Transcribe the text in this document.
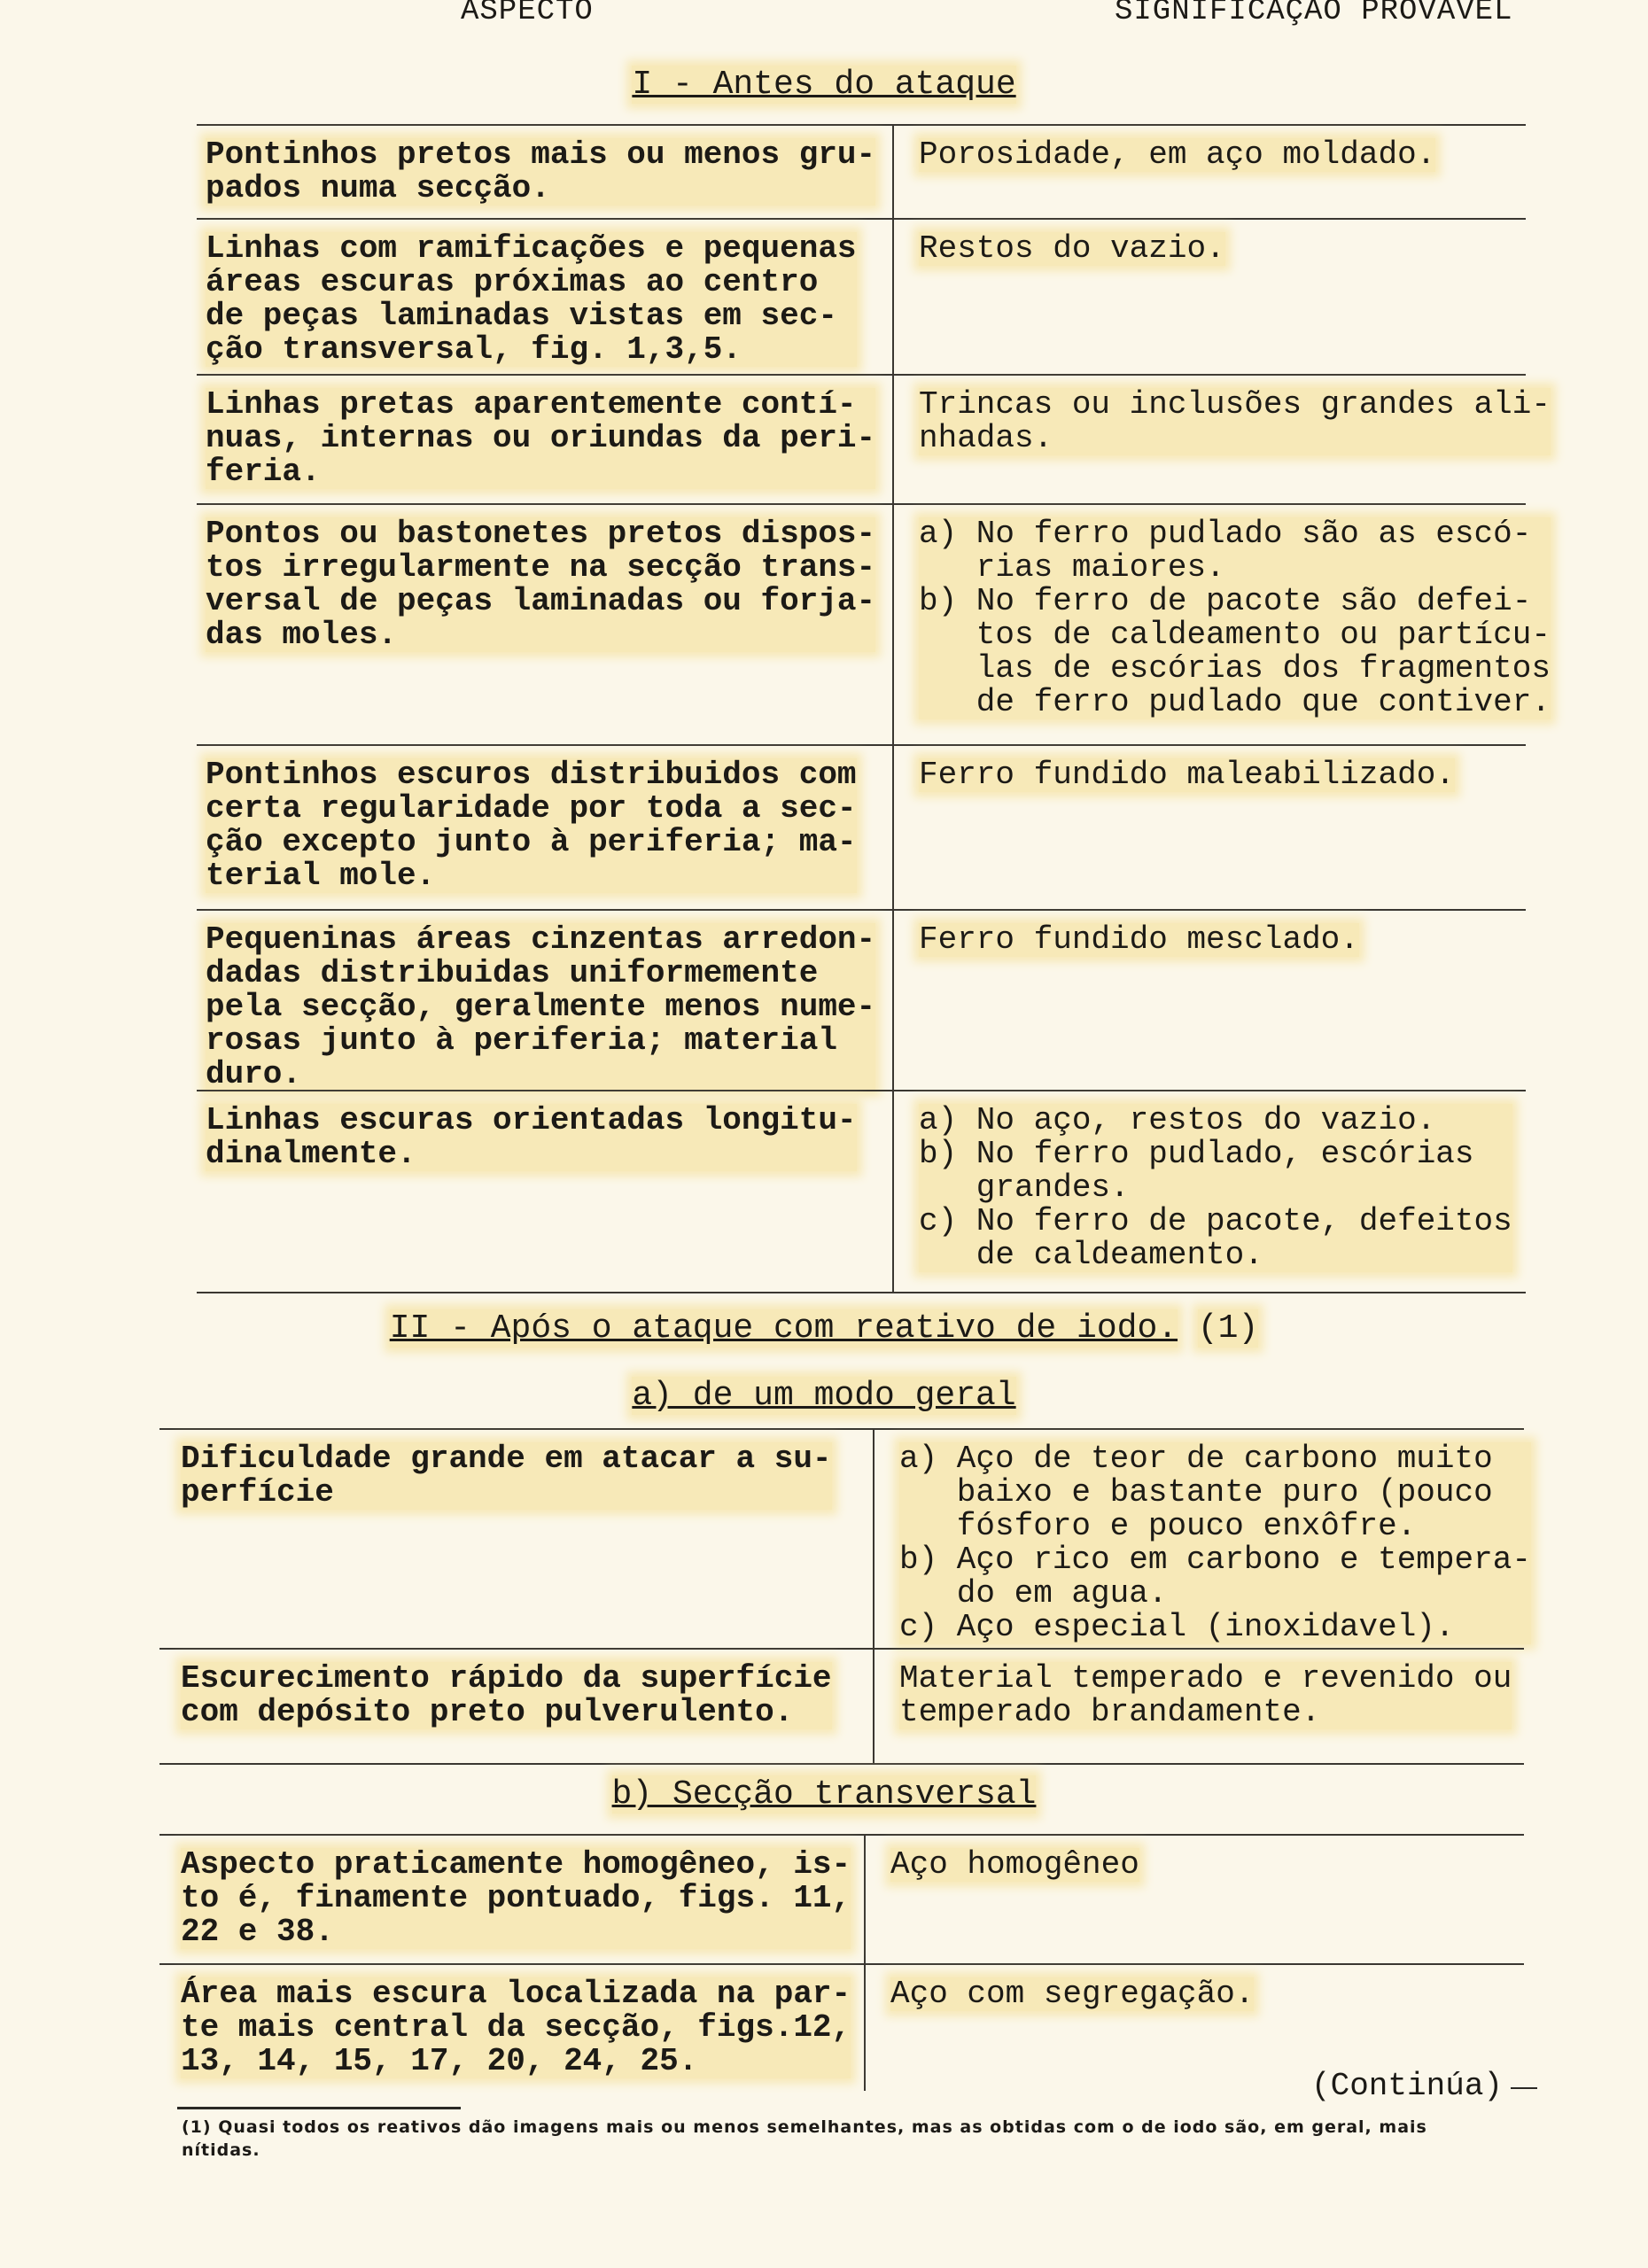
ASPECTO	SIGNIFICAÇAO PROVAVEL
I - Antes do ataque
Pontinhos pretos mais ou menos gru-
pados numa secção.
Porosidade, em aço moldado.
Linhas com ramificações e pequenas
áreas escuras próximas ao centro
de peças laminadas vistas em sec-
ção transversal, fig. 1,3,5.
Restos do vazio.
Linhas pretas aparentemente contí-
nuas, internas ou oriundas da peri-
feria.
Trincas ou inclusões grandes ali-
nhadas.
Pontos ou bastonetes pretos dispos-
tos irregularmente na secção trans-
versal de peças laminadas ou forja-
das moles.
a) No ferro pudlado são as escó-
rias maiores.
b) No ferro de pacote são defei-
tos de caldeamento ou partícu-
las de escórias dos fragmentos
de ferro pudlado que contiver.
Pontinhos escuros distribuidos com
certa regularidade por toda a sec-
ção excepto junto à periferia; ma-
terial mole.
Ferro fundido maleabilizado.
Pequeninas áreas cinzentas arredon-
dadas distribuidas uniformemente
pela secção, geralmente menos nume-
rosas junto à periferia; material
duro.
Ferro fundido mesclado.
Linhas escuras orientadas longitu-
dinalmente.
a) No aço, restos do vazio.
b) No ferro pudlado, escórias
grandes.
c) No ferro de pacote, defeitos
de caldeamento.
II - Após o ataque com reativo de iodo. (1)
a) de um modo geral
Dificuldade grande em atacar a su-
perfície
a) Aço de teor de carbono muito
baixo e bastante puro (pouco
fósforo e pouco enxôfre.
b) Aço rico em carbono e tempera-
do em agua.
c) Aço especial (inoxidavel).
Escurecimento rápido da superfície
com depósito preto pulverulento.
Material temperado e revenido ou
temperado brandamente.
b) Secção transversal
Aspecto praticamente homogêneo, is-
to é, finamente pontuado, figs. 11,
22 e 38.
Aço homogêneo
Área mais escura localizada na par-
te mais central da secção, figs.12,
13, 14, 15, 17, 20, 24, 25.
Aço com segregação.
(Continúa)
(1) Quasi todos os reativos dão imagens mais ou menos semelhantes, mas as obtidas com o de iodo são, em geral, mais nítidas.
